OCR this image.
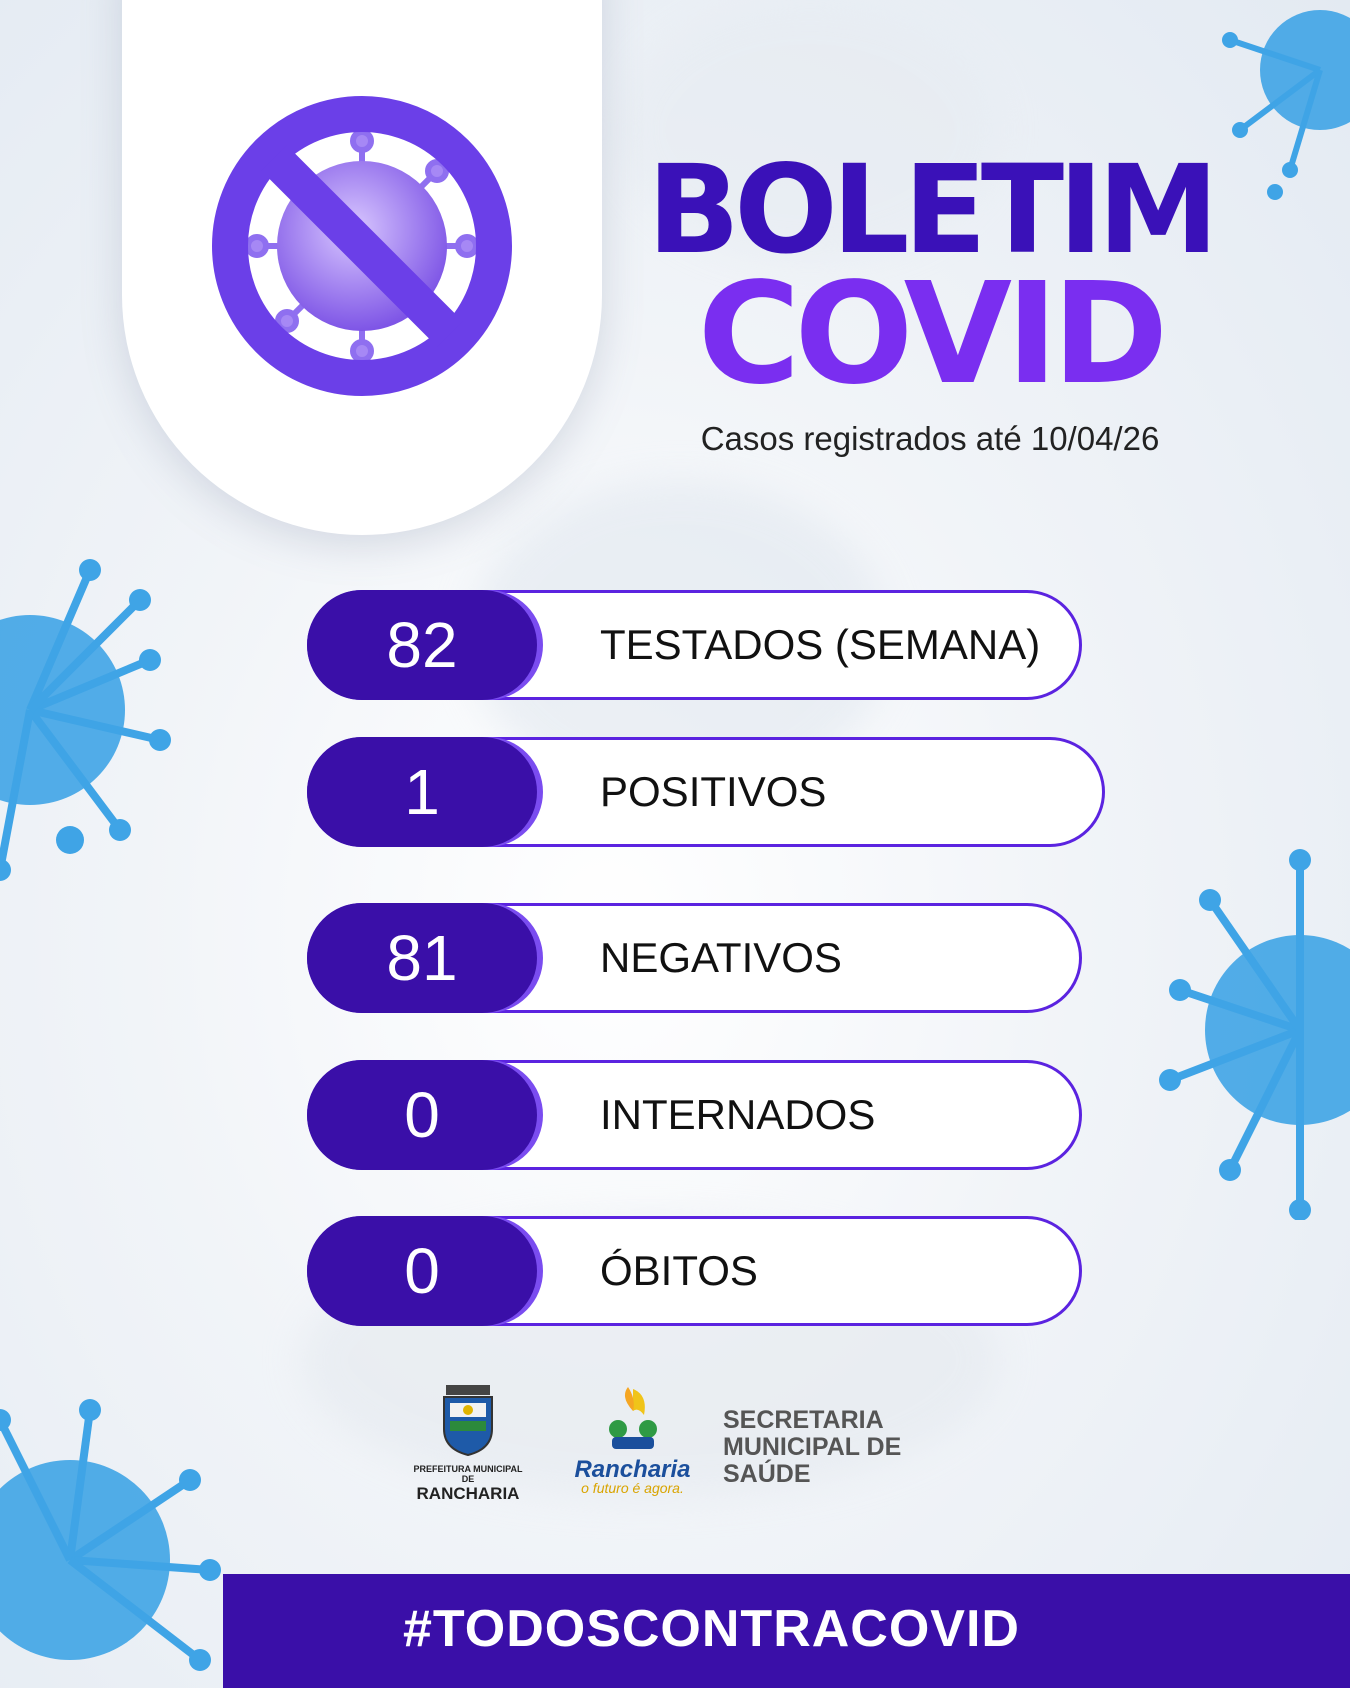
BOLETIM
COVID
Casos registrados até 10/04/26
82	TESTADOS (SEMANA)
1	POSITIVOS
81	NEGATIVOS
0	INTERNADOS
0	ÓBITOS
PREFEITURA MUNICIPAL DE
RANCHARIA
Rancharia
o futuro é agora.
SECRETARIA
MUNICIPAL DE
SAÚDE
#TODOSCONTRACOVID
